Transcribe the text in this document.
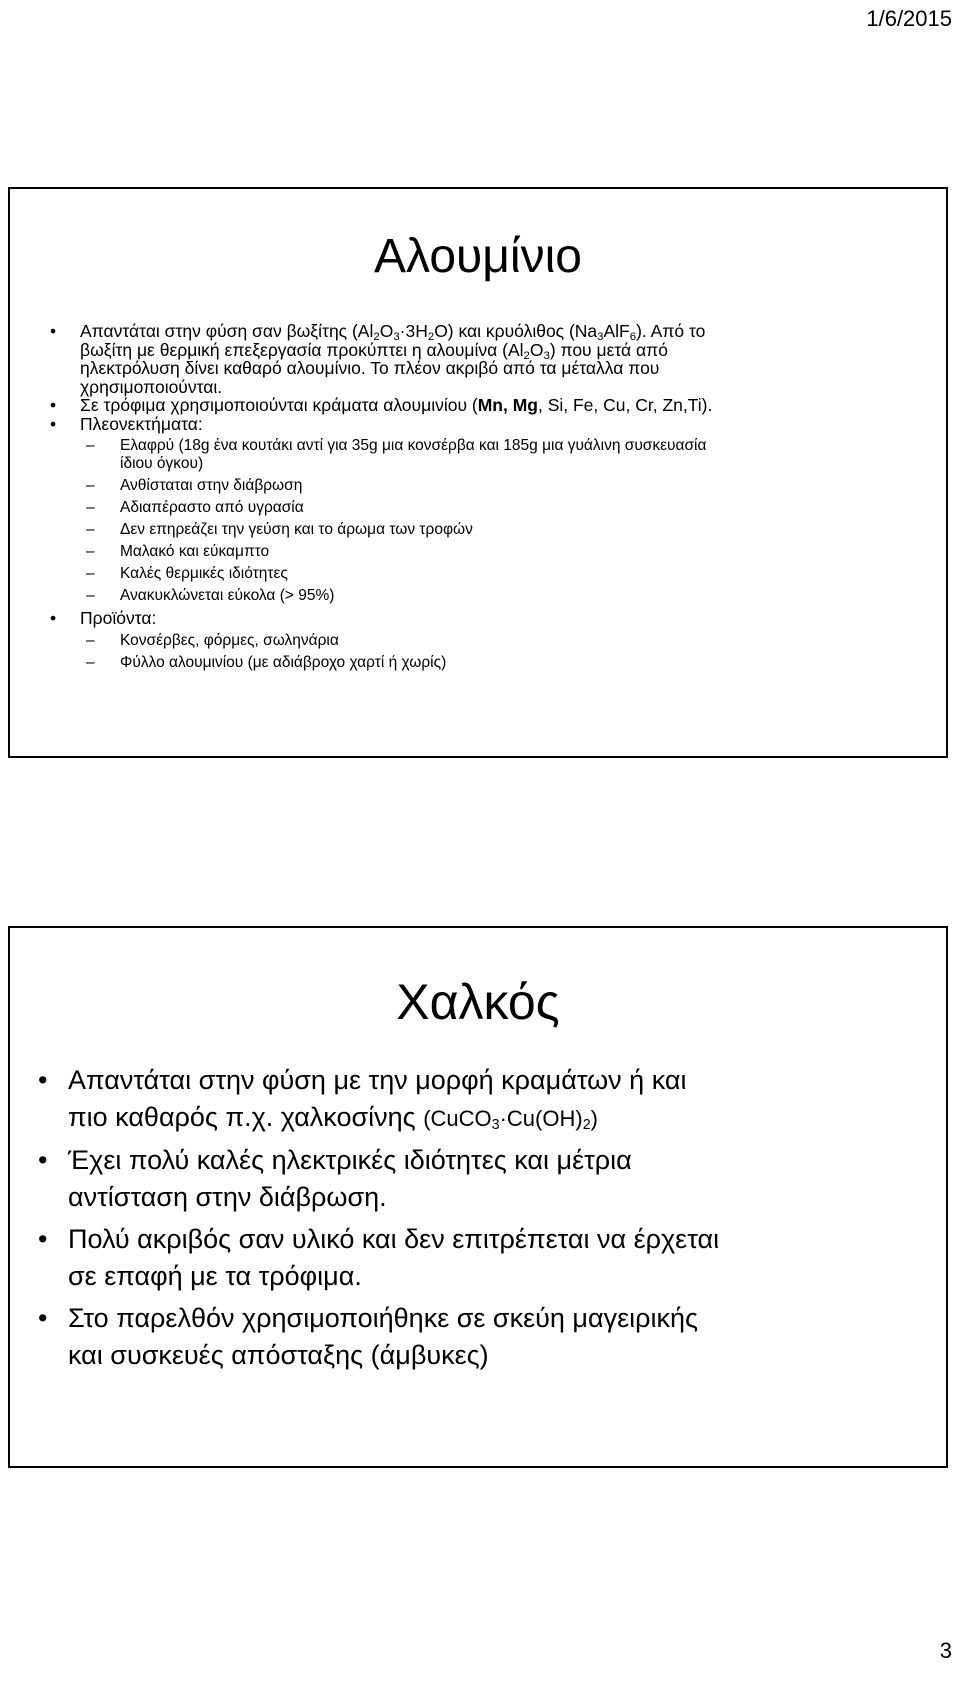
1/6/2015
Αλουμίνιο
• Απαντάται στην φύση σαν βωξίτης $(Al_2O_3\cdot 3H_2O)$ και κρυόλιθος $(Na_3AlF_6)$. Από το βωξίτη με θερμική επεξεργασία προκύπτει η αλουμίνα $(Al_2O_3)$ που μετά από ηλεκτρόλυση δίνει καθαρό αλουμίνιο. Το πλέον ακριβό από τα μέταλλα που χρησιμοποιούνται.
• Σε τρόφιμα χρησιμοποιούνται κράματα αλουμινίου (Mn, Mg, Si, Fe, Cu, Cr, Zn,Ti).
• Πλεονεκτήματα:
– Ελαφρύ (18g ένα κουτάκι αντί για 35g μια κονσέρβα και 185g μια γυάλινη συσκευασία ίδιου όγκου)
– Ανθίσταται στην διάβρωση
– Αδιαπέραστο από υγρασία
– Δεν επηρεάζει την γεύση και το άρωμα των τροφών
– Μαλακό και εύκαμπτο
– Καλές θερμικές ιδιότητες
– Ανακυκλώνεται εύκολα (> 95%)
• Προϊόντα:
– Κονσέρβες, φόρμες, σωληνάρια
– Φύλλο αλουμινίου (με αδιάβροχο χαρτί ή χωρίς)
Χαλκός
• Απαντάται στην φύση με την μορφή κραμάτων ή και πιο καθαρός π.χ. χαλκοσίνης $(CuCO_3\cdot Cu(OH)_2)$
• Έχει πολύ καλές ηλεκτρικές ιδιότητες και μέτρια αντίσταση στην διάβρωση.
• Πολύ ακριβός σαν υλικό και δεν επιτρέπεται να έρχεται σε επαφή με τα τρόφιμα.
• Στο παρελθόν χρησιμοποιήθηκε σε σκεύη μαγειρικής και συσκευές απόσταξης (άμβυκες)
3
